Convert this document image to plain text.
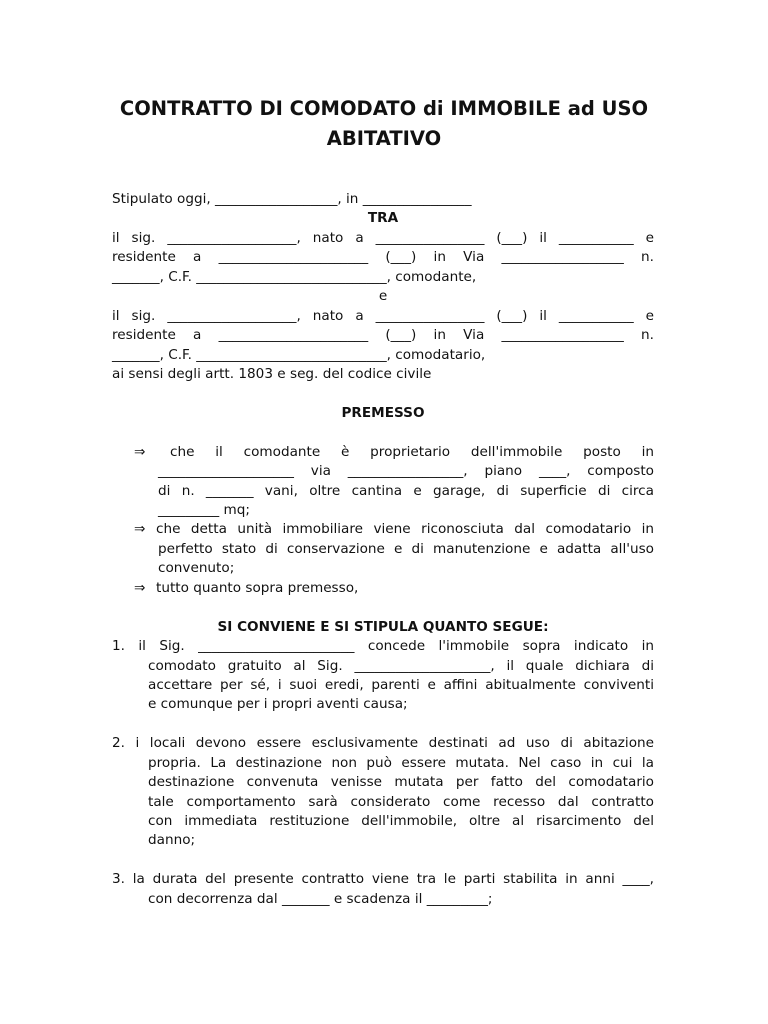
CONTRATTO DI COMODATO di IMMOBILE ad USO
ABITATIVO
Stipulato oggi, __________________, in ________________
TRA
il sig. ___________________, nato a ________________ (___) il ___________ e
residente a ______________________ (___) in Via __________________ n.
_______, C.F. ____________________________, comodante,
e
il sig. ___________________, nato a ________________ (___) il ___________ e
residente a ______________________ (___) in Via __________________ n.
_______, C.F. ____________________________, comodatario,
ai sensi degli artt. 1803 e seg. del codice civile
PREMESSO
⇒ che il comodante è proprietario dell'immobile posto in
____________________ via _________________, piano ____, composto
di n. _______ vani, oltre cantina e garage, di superficie di circa
_________ mq;
⇒ che detta unità immobiliare viene riconosciuta dal comodatario in
perfetto stato di conservazione e di manutenzione e adatta all'uso
convenuto;
⇒ tutto quanto sopra premesso,
SI CONVIENE E SI STIPULA QUANTO SEGUE:
1. il Sig. _______________________ concede l'immobile sopra indicato in
comodato gratuito al Sig. ____________________, il quale dichiara di
accettare per sé, i suoi eredi, parenti e affini abitualmente conviventi
e comunque per i propri aventi causa;
2. i locali devono essere esclusivamente destinati ad uso di abitazione
propria. La destinazione non può essere mutata. Nel caso in cui la
destinazione convenuta venisse mutata per fatto del comodatario
tale comportamento sarà considerato come recesso dal contratto
con immediata restituzione dell'immobile, oltre al risarcimento del
danno;
3. la durata del presente contratto viene tra le parti stabilita in anni ____,
con decorrenza dal _______ e scadenza il _________;
